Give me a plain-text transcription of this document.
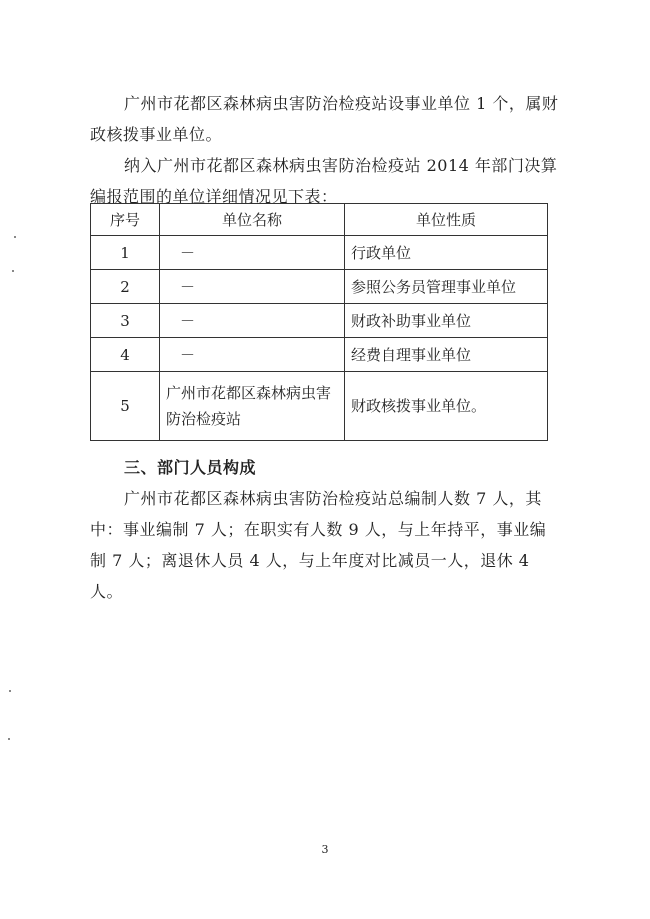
广州市花都区森林病虫害防治检疫站设事业单位 1 个，属财政核拨事业单位。

纳入广州市花都区森林病虫害防治检疫站 2014 年部门决算编报范围的单位详细情况见下表：

序号	单位名称	单位性质
1	－	行政单位
2	－	参照公务员管理事业单位
3	－	财政补助事业单位
4	－	经费自理事业单位
5	广州市花都区森林病虫害防治检疫站	财政核拨事业单位。

三、部门人员构成

广州市花都区森林病虫害防治检疫站总编制人数 7 人，其中：事业编制 7 人；在职实有人数 9 人，与上年持平，事业编制 7 人；离退休人员 4 人，与上年度对比减员一人，退休 4 人。

3
